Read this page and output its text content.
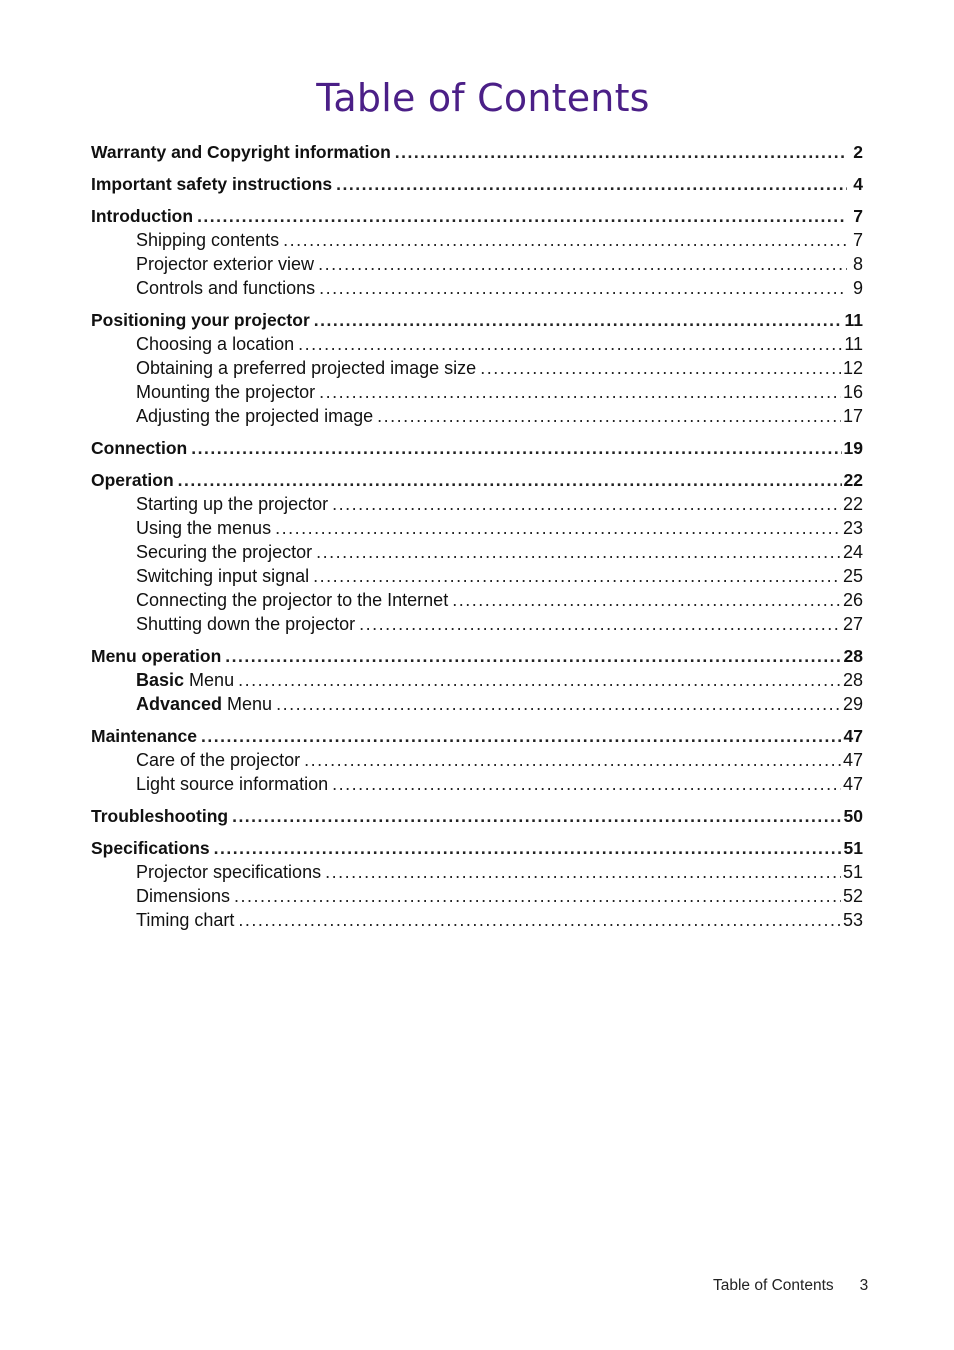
Table of Contents
Warranty and Copyright information .....	2
Important safety instructions .....	4
Introduction .....	7
Shipping contents .....	7
Projector exterior view .....	8
Controls and functions .....	9
Positioning your projector .....	11
Choosing a location .....	11
Obtaining a preferred projected image size .....	12
Mounting the projector .....	16
Adjusting the projected image .....	17
Connection .....	19
Operation .....	22
Starting up the projector .....	22
Using the menus .....	23
Securing the projector .....	24
Switching input signal .....	25
Connecting the projector to the Internet .....	26
Shutting down the projector .....	27
Menu operation .....	28
Basic Menu .....	28
Advanced Menu .....	29
Maintenance .....	47
Care of the projector .....	47
Light source information .....	47
Troubleshooting .....	50
Specifications .....	51
Projector specifications .....	51
Dimensions .....	52
Timing chart .....	53
Table of Contents 3
